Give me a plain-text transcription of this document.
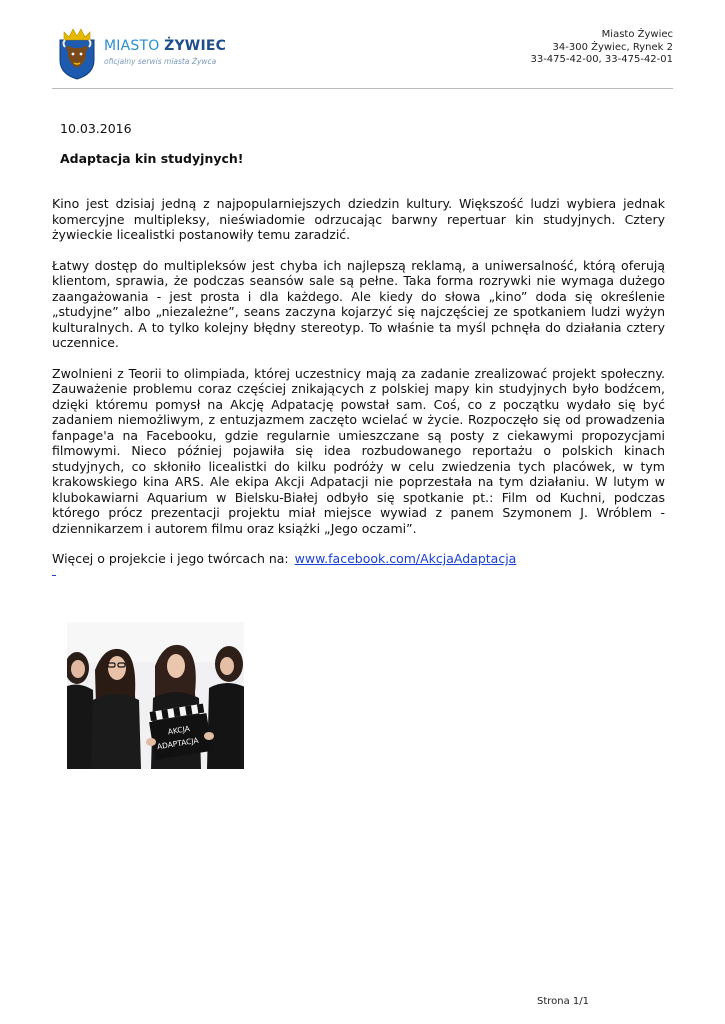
MIASTO ŻYWIEC
oficjalny serwis miasta Żywca
Miasto Żywiec
34-300 Żywiec, Rynek 2
33-475-42-00, 33-475-42-01
10.03.2016
Adaptacja kin studyjnych!

Kino jest dzisiaj jedną z najpopularniejszych dziedzin kultury. Większość ludzi wybiera jednak komercyjne multipleksy, nieświadomie odrzucając barwny repertuar kin studyjnych. Cztery żywieckie licealistki postanowiły temu zaradzić.

Łatwy dostęp do multipleksów jest chyba ich najlepszą reklamą, a uniwersalność, którą oferują klientom, sprawia, że podczas seansów sale są pełne. Taka forma rozrywki nie wymaga dużego zaangażowania - jest prosta i dla każdego. Ale kiedy do słowa „kino” doda się określenie „studyjne” albo „niezależne”, seans zaczyna kojarzyć się najczęściej ze spotkaniem ludzi wyżyn kulturalnych. A to tylko kolejny błędny stereotyp. To właśnie ta myśl pchnęła do działania cztery uczennice.

Zwolnieni z Teorii to olimpiada, której uczestnicy mają za zadanie zrealizować projekt społeczny. Zauważenie problemu coraz częściej znikających z polskiej mapy kin studyjnych było bodźcem, dzięki któremu pomysł na Akcję Adpatację powstał sam. Coś, co z początku wydało się być zadaniem niemożliwym, z entuzjazmem zaczęto wcielać w życie. Rozpoczęło się od prowadzenia fanpage'a na Facebooku, gdzie regularnie umieszczane są posty z ciekawymi propozycjami filmowymi. Nieco później pojawiła się idea rozbudowanego reportażu o polskich kinach studyjnych, co skłoniło licealistki do kilku podróży w celu zwiedzenia tych placówek, w tym krakowskiego kina ARS. Ale ekipa Akcji Adpatacji nie poprzestała na tym działaniu. W lutym w klubokawiarni Aquarium w Bielsku-Białej odbyło się spotkanie pt.: Film od Kuchni, podczas którego prócz prezentacji projektu miał miejsce wywiad z panem Szymonem J. Wróblem - dziennikarzem i autorem filmu oraz książki „Jego oczami”.

Więcej o projekcie i jego twórcach na: www.facebook.com/AkcjaAdaptacja

AKCJA
ADAPTACJA
Strona 1/1
